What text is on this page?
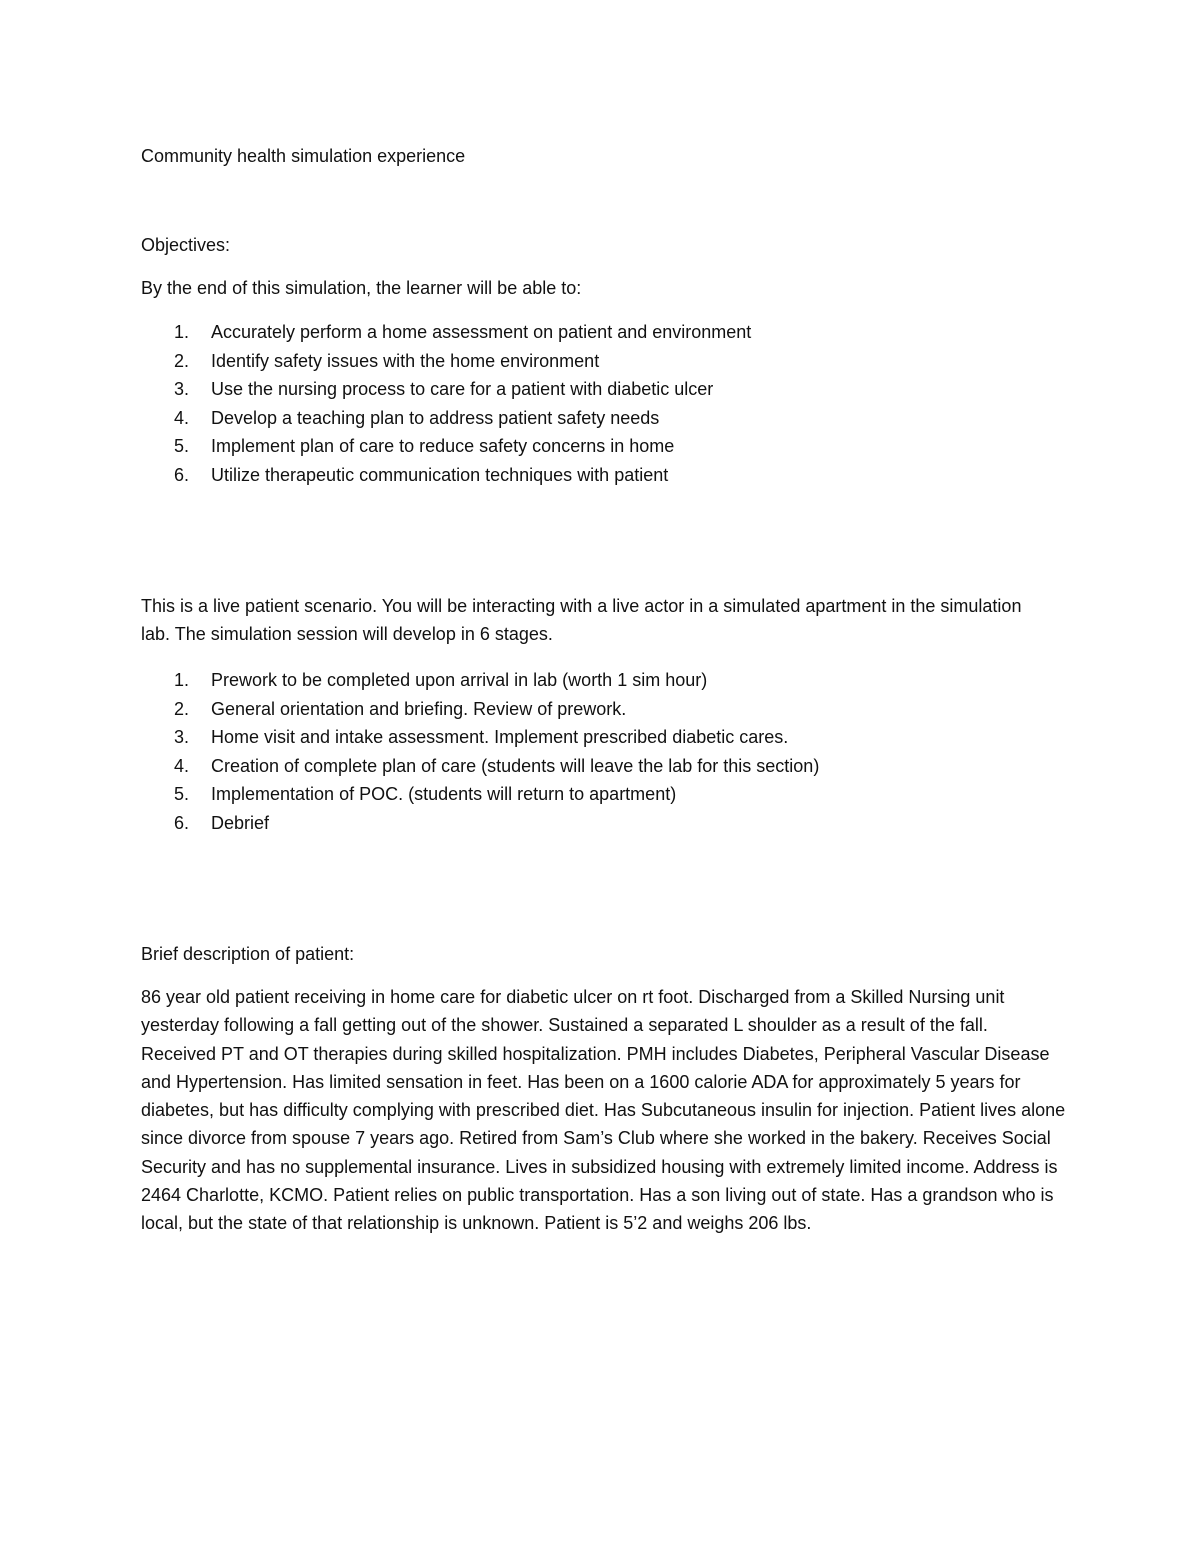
Community health simulation experience

Objectives:

By the end of this simulation, the learner will be able to:

1.	Accurately perform a home assessment on patient and environment
2.	Identify safety issues with the home environment
3.	Use the nursing process to care for a patient with diabetic ulcer
4.	Develop a teaching plan to address patient safety needs
5.	Implement plan of care to reduce safety concerns in home
6.	Utilize therapeutic communication techniques with patient

This is a live patient scenario. You will be interacting with a live actor in a simulated apartment in the simulation lab. The simulation session will develop in 6 stages.

1.	Prework to be completed upon arrival in lab (worth 1 sim hour)
2.	General orientation and briefing. Review of prework.
3.	Home visit and intake assessment. Implement prescribed diabetic cares.
4.	Creation of complete plan of care (students will leave the lab for this section)
5.	Implementation of POC. (students will return to apartment)
6.	Debrief

Brief description of patient:

86 year old patient receiving in home care for diabetic ulcer on rt foot. Discharged from a Skilled Nursing unit yesterday following a fall getting out of the shower. Sustained a separated L shoulder as a result of the fall. Received PT and OT therapies during skilled hospitalization. PMH includes Diabetes, Peripheral Vascular Disease and Hypertension. Has limited sensation in feet. Has been on a 1600 calorie ADA for approximately 5 years for diabetes, but has difficulty complying with prescribed diet. Has Subcutaneous insulin for injection. Patient lives alone since divorce from spouse 7 years ago. Retired from Sam’s Club where she worked in the bakery. Receives Social Security and has no supplemental insurance. Lives in subsidized housing with extremely limited income. Address is 2464 Charlotte, KCMO. Patient relies on public transportation. Has a son living out of state. Has a grandson who is local, but the state of that relationship is unknown. Patient is 5’2 and weighs 206 lbs.
